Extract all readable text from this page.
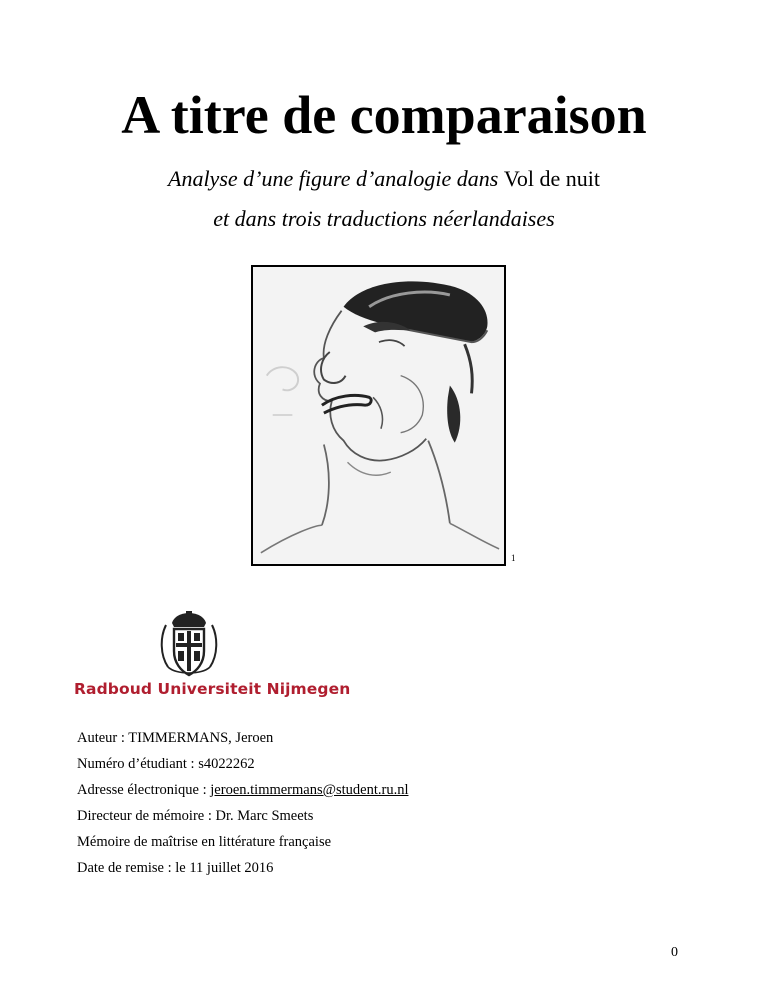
A titre de comparaison

Analyse d’une figure d’analogie dans Vol de nuit

et dans trois traductions néerlandaises

1
Radboud Universiteit Nijmegen
Auteur : TIMMERMANS, Jeroen
Numéro d’étudiant : s4022262
Adresse électronique : jeroen.timmermans@student.ru.nl
Directeur de mémoire : Dr. Marc Smeets
Mémoire de maîtrise en littérature française
Date de remise : le 11 juillet 2016
0
